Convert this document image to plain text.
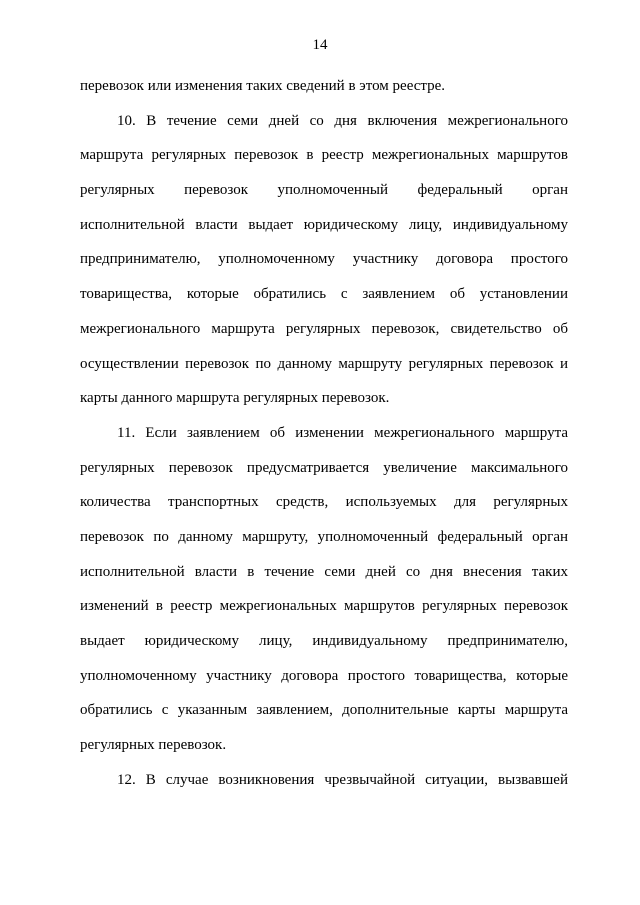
14
перевозок или изменения таких сведений в этом реестре.
10. В течение семи дней со дня включения межрегионального
маршрута регулярных перевозок в реестр межрегиональных маршрутов
регулярных перевозок уполномоченный федеральный орган
исполнительной власти выдает юридическому лицу, индивидуальному
предпринимателю, уполномоченному участнику договора простого
товарищества, которые обратились с заявлением об установлении
межрегионального маршрута регулярных перевозок, свидетельство об
осуществлении перевозок по данному маршруту регулярных перевозок и
карты данного маршрута регулярных перевозок.
11. Если заявлением об изменении межрегионального маршрута
регулярных перевозок предусматривается увеличение максимального
количества транспортных средств, используемых для регулярных
перевозок по данному маршруту, уполномоченный федеральный орган
исполнительной власти в течение семи дней со дня внесения таких
изменений в реестр межрегиональных маршрутов регулярных перевозок
выдает юридическому лицу, индивидуальному предпринимателю,
уполномоченному участнику договора простого товарищества, которые
обратились с указанным заявлением, дополнительные карты маршрута
регулярных перевозок.
12. В случае возникновения чрезвычайной ситуации, вызвавшей
